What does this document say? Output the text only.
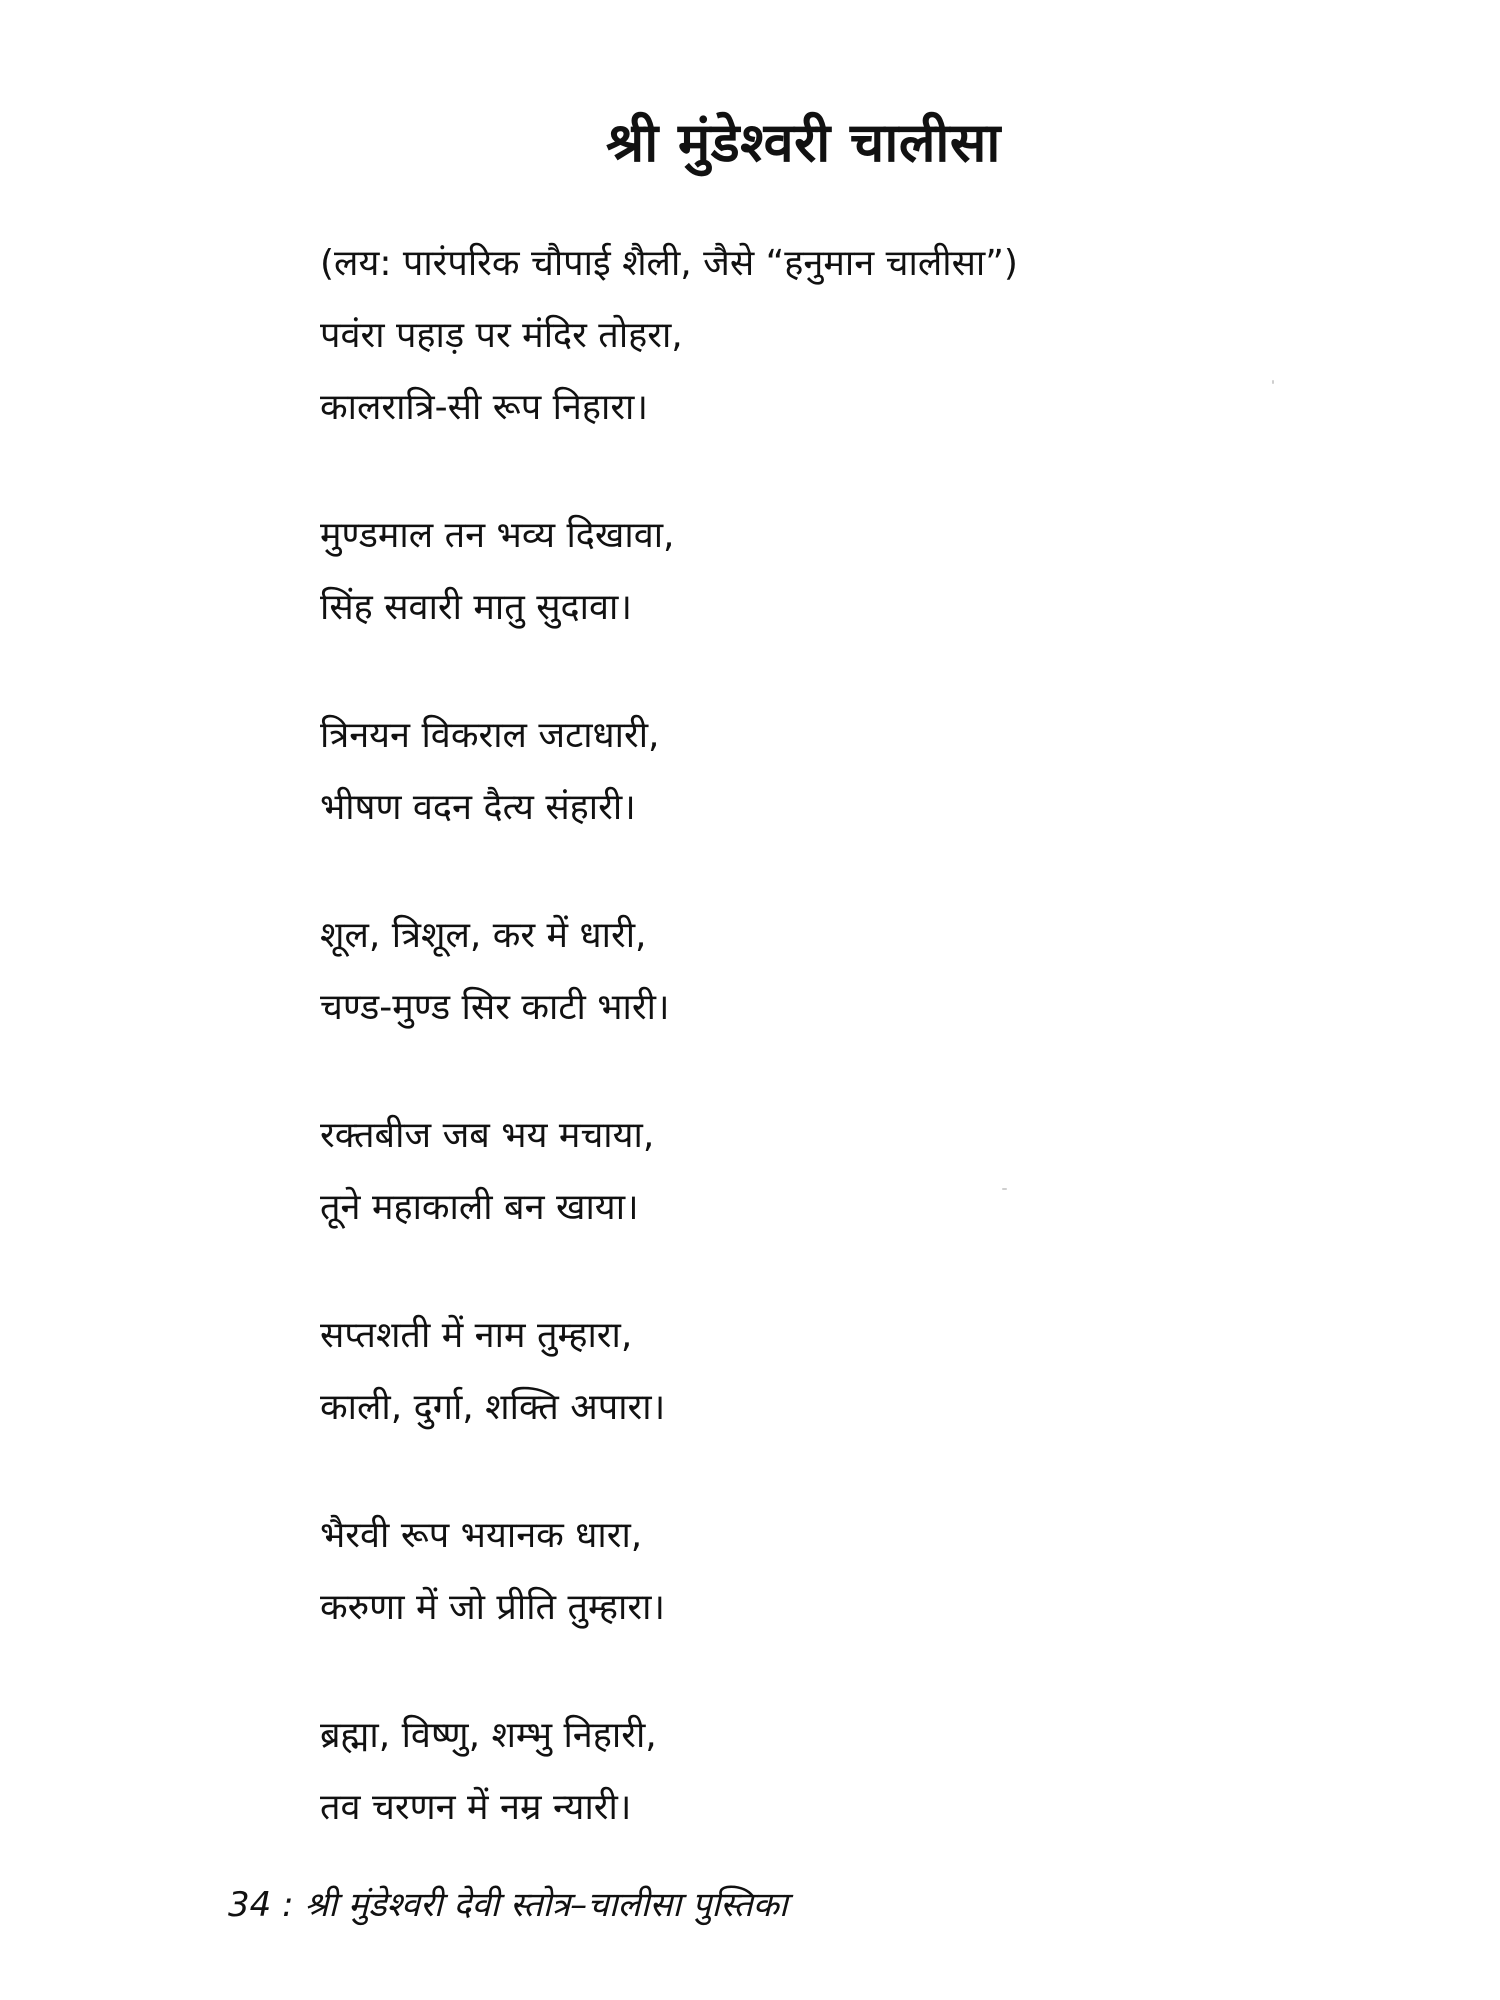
श्री मुंडेश्वरी चालीसा
(लय: पारंपरिक चौपाई शैली, जैसे “हनुमान चालीसा”)

पवंरा पहाड़ पर मंदिर तोहरा,
कालरात्रि-सी रूप निहारा।

मुण्डमाल तन भव्य दिखावा,
सिंह सवारी मातु सुदावा।

त्रिनयन विकराल जटाधारी,
भीषण वदन दैत्य संहारी।

शूल, त्रिशूल, कर में धारी,
चण्ड-मुण्ड सिर काटी भारी।

रक्तबीज जब भय मचाया,
तूने महाकाली बन खाया।

सप्तशती में नाम तुम्हारा,
काली, दुर्गा, शक्ति अपारा।

भैरवी रूप भयानक धारा,
करुणा में जो प्रीति तुम्हारा।

ब्रह्मा, विष्णु, शम्भु निहारी,
तव चरणन में नम्र न्यारी।

34 : श्री मुंडेश्वरी देवी स्तोत्र–चालीसा पुस्तिका
